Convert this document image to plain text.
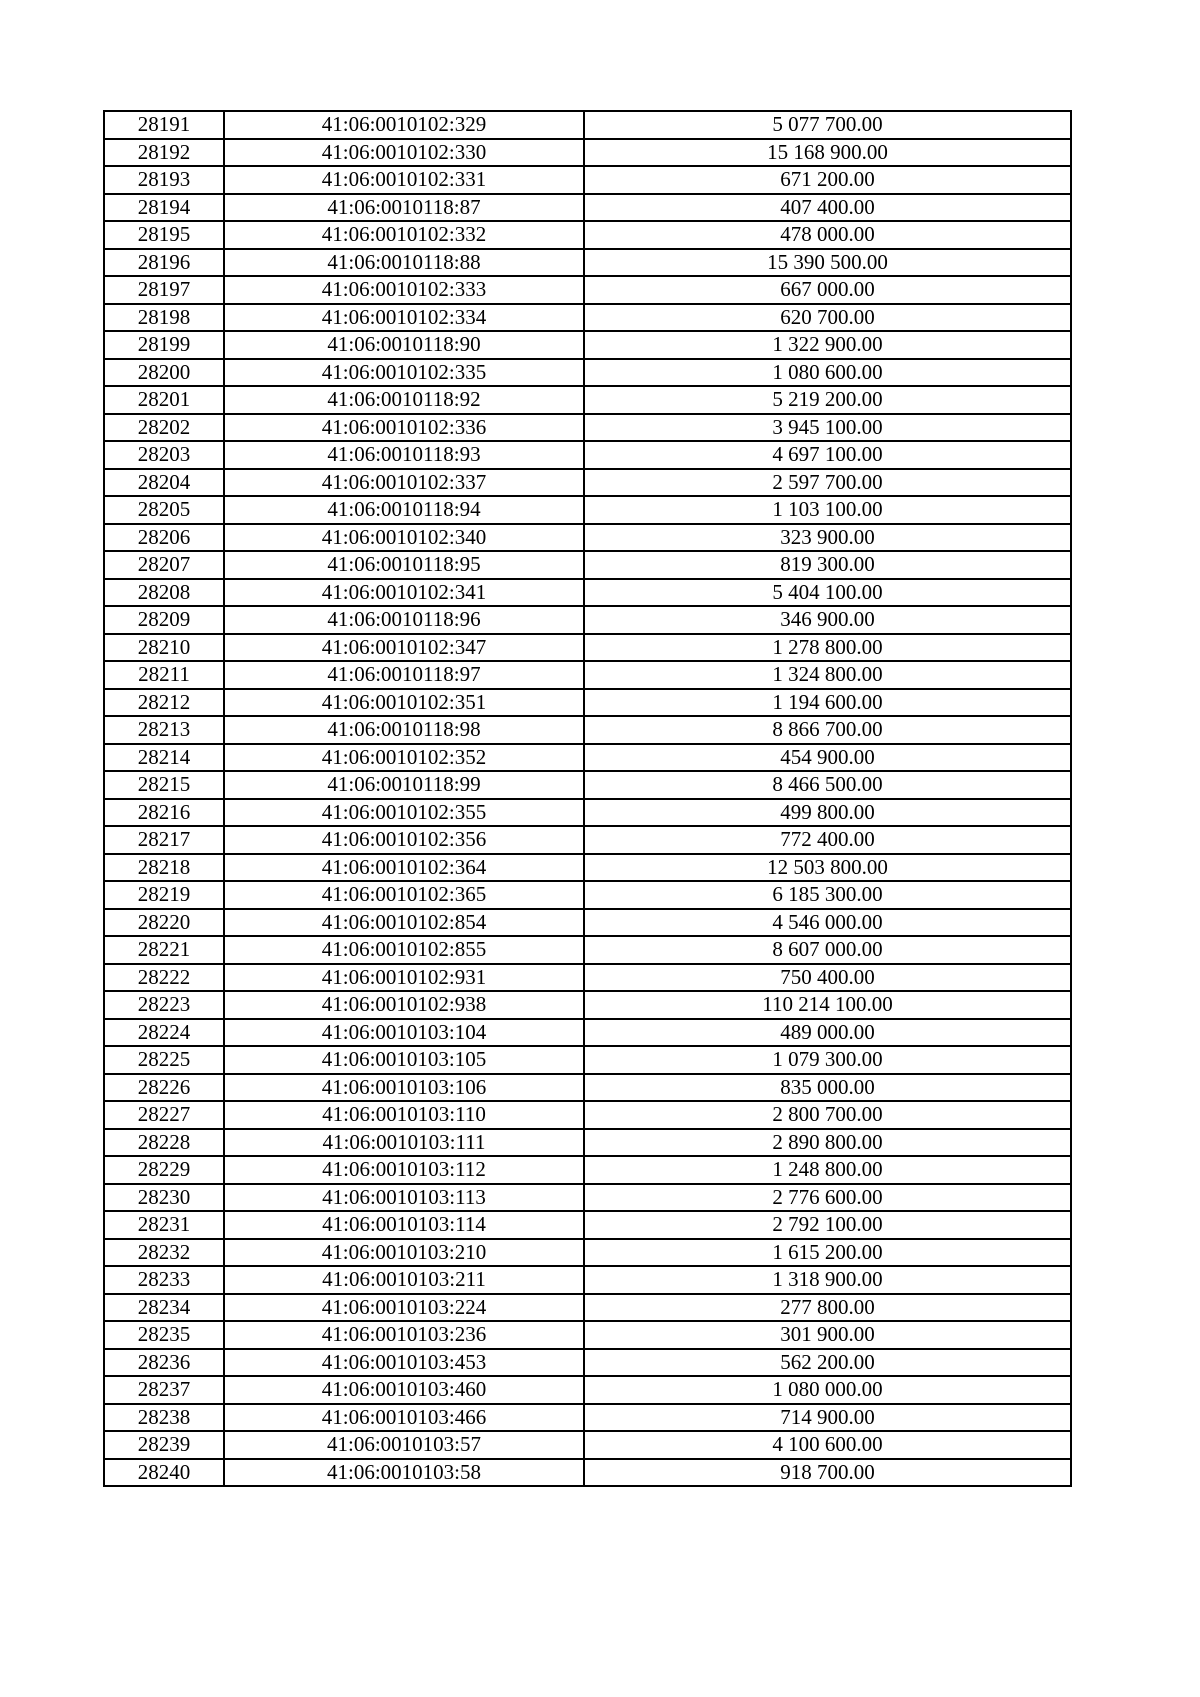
28191	41:06:0010102:329	5 077 700.00
28192	41:06:0010102:330	15 168 900.00
28193	41:06:0010102:331	671 200.00
28194	41:06:0010118:87	407 400.00
28195	41:06:0010102:332	478 000.00
28196	41:06:0010118:88	15 390 500.00
28197	41:06:0010102:333	667 000.00
28198	41:06:0010102:334	620 700.00
28199	41:06:0010118:90	1 322 900.00
28200	41:06:0010102:335	1 080 600.00
28201	41:06:0010118:92	5 219 200.00
28202	41:06:0010102:336	3 945 100.00
28203	41:06:0010118:93	4 697 100.00
28204	41:06:0010102:337	2 597 700.00
28205	41:06:0010118:94	1 103 100.00
28206	41:06:0010102:340	323 900.00
28207	41:06:0010118:95	819 300.00
28208	41:06:0010102:341	5 404 100.00
28209	41:06:0010118:96	346 900.00
28210	41:06:0010102:347	1 278 800.00
28211	41:06:0010118:97	1 324 800.00
28212	41:06:0010102:351	1 194 600.00
28213	41:06:0010118:98	8 866 700.00
28214	41:06:0010102:352	454 900.00
28215	41:06:0010118:99	8 466 500.00
28216	41:06:0010102:355	499 800.00
28217	41:06:0010102:356	772 400.00
28218	41:06:0010102:364	12 503 800.00
28219	41:06:0010102:365	6 185 300.00
28220	41:06:0010102:854	4 546 000.00
28221	41:06:0010102:855	8 607 000.00
28222	41:06:0010102:931	750 400.00
28223	41:06:0010102:938	110 214 100.00
28224	41:06:0010103:104	489 000.00
28225	41:06:0010103:105	1 079 300.00
28226	41:06:0010103:106	835 000.00
28227	41:06:0010103:110	2 800 700.00
28228	41:06:0010103:111	2 890 800.00
28229	41:06:0010103:112	1 248 800.00
28230	41:06:0010103:113	2 776 600.00
28231	41:06:0010103:114	2 792 100.00
28232	41:06:0010103:210	1 615 200.00
28233	41:06:0010103:211	1 318 900.00
28234	41:06:0010103:224	277 800.00
28235	41:06:0010103:236	301 900.00
28236	41:06:0010103:453	562 200.00
28237	41:06:0010103:460	1 080 000.00
28238	41:06:0010103:466	714 900.00
28239	41:06:0010103:57	4 100 600.00
28240	41:06:0010103:58	918 700.00
